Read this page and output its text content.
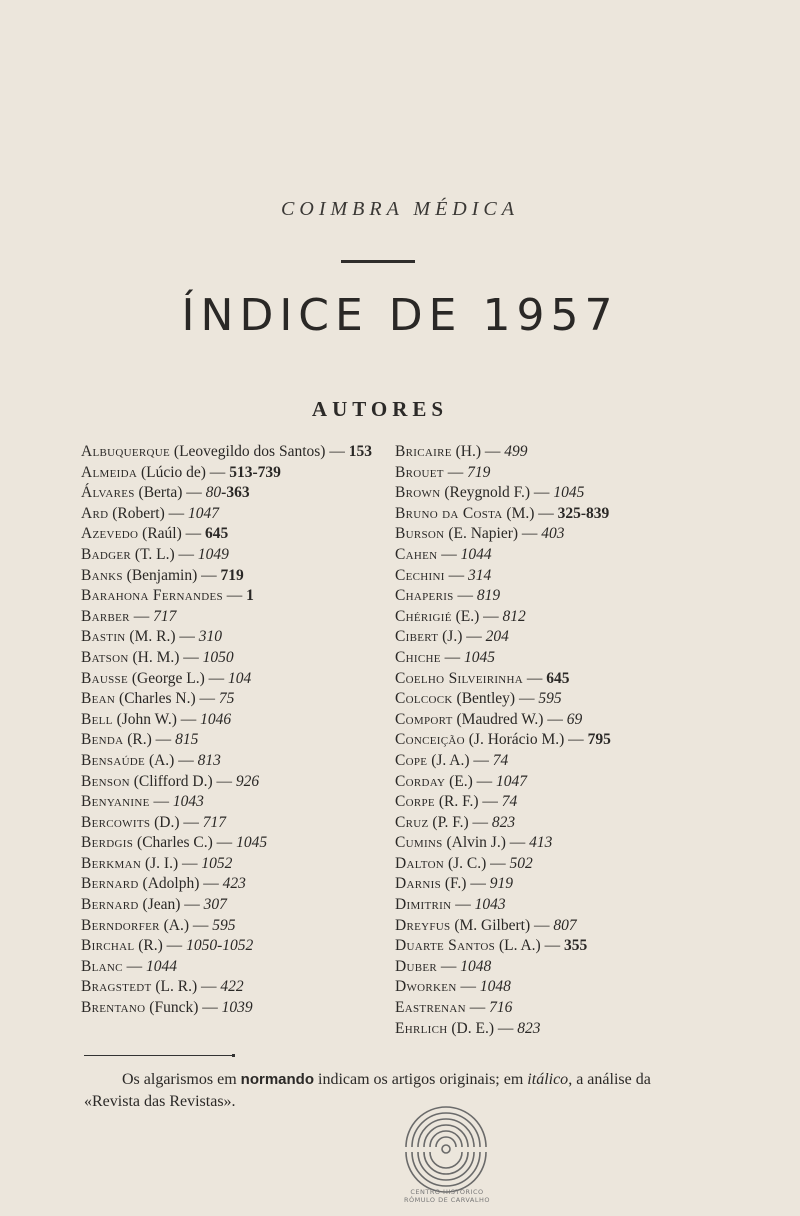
COIMBRA MÉDICA
ÍNDICE DE 1957
AUTORES
Albuquerque (Leovegildo dos Santos) — 153
Almeida (Lúcio de) — 513-739
Álvares (Berta) — 80-363
Ard (Robert) — 1047
Azevedo (Raúl) — 645
Badger (T. L.) — 1049
Banks (Benjamin) — 719
Barahona Fernandes — 1
Barber — 717
Bastin (M. R.) — 310
Batson (H. M.) — 1050
Bausse (George L.) — 104
Bean (Charles N.) — 75
Bell (John W.) — 1046
Benda (R.) — 815
Bensaúde (A.) — 813
Benson (Clifford D.) — 926
Benyanine — 1043
Bercowits (D.) — 717
Berdgis (Charles C.) — 1045
Berkman (J. I.) — 1052
Bernard (Adolph) — 423
Bernard (Jean) — 307
Berndorfer (A.) — 595
Birchal (R.) — 1050-1052
Blanc — 1044
Bragstedt (L. R.) — 422
Brentano (Funck) — 1039
Bricaire (H.) — 499
Brouet — 719
Brown (Reygnold F.) — 1045
Bruno da Costa (M.) — 325-839
Burson (E. Napier) — 403
Cahen — 1044
Cechini — 314
Chaperis — 819
Chérigié (E.) — 812
Cibert (J.) — 204
Chiche — 1045
Coelho Silveirinha — 645
Colcock (Bentley) — 595
Comport (Maudred W.) — 69
Conceição (J. Horácio M.) — 795
Cope (J. A.) — 74
Corday (E.) — 1047
Corpe (R. F.) — 74
Cruz (P. F.) — 823
Cumins (Alvin J.) — 413
Dalton (J. C.) — 502
Darnis (F.) — 919
Dimitrin — 1043
Dreyfus (M. Gilbert) — 807
Duarte Santos (L. A.) — 355
Duber — 1048
Dworken — 1048
Eastrenan — 716
Ehrlich (D. E.) — 823
Os algarismos em normando indicam os artigos originais; em itálico, a análise da «Revista das Revistas».
CENTRO HISTÓRICO
RÓMULO DE CARVALHO
